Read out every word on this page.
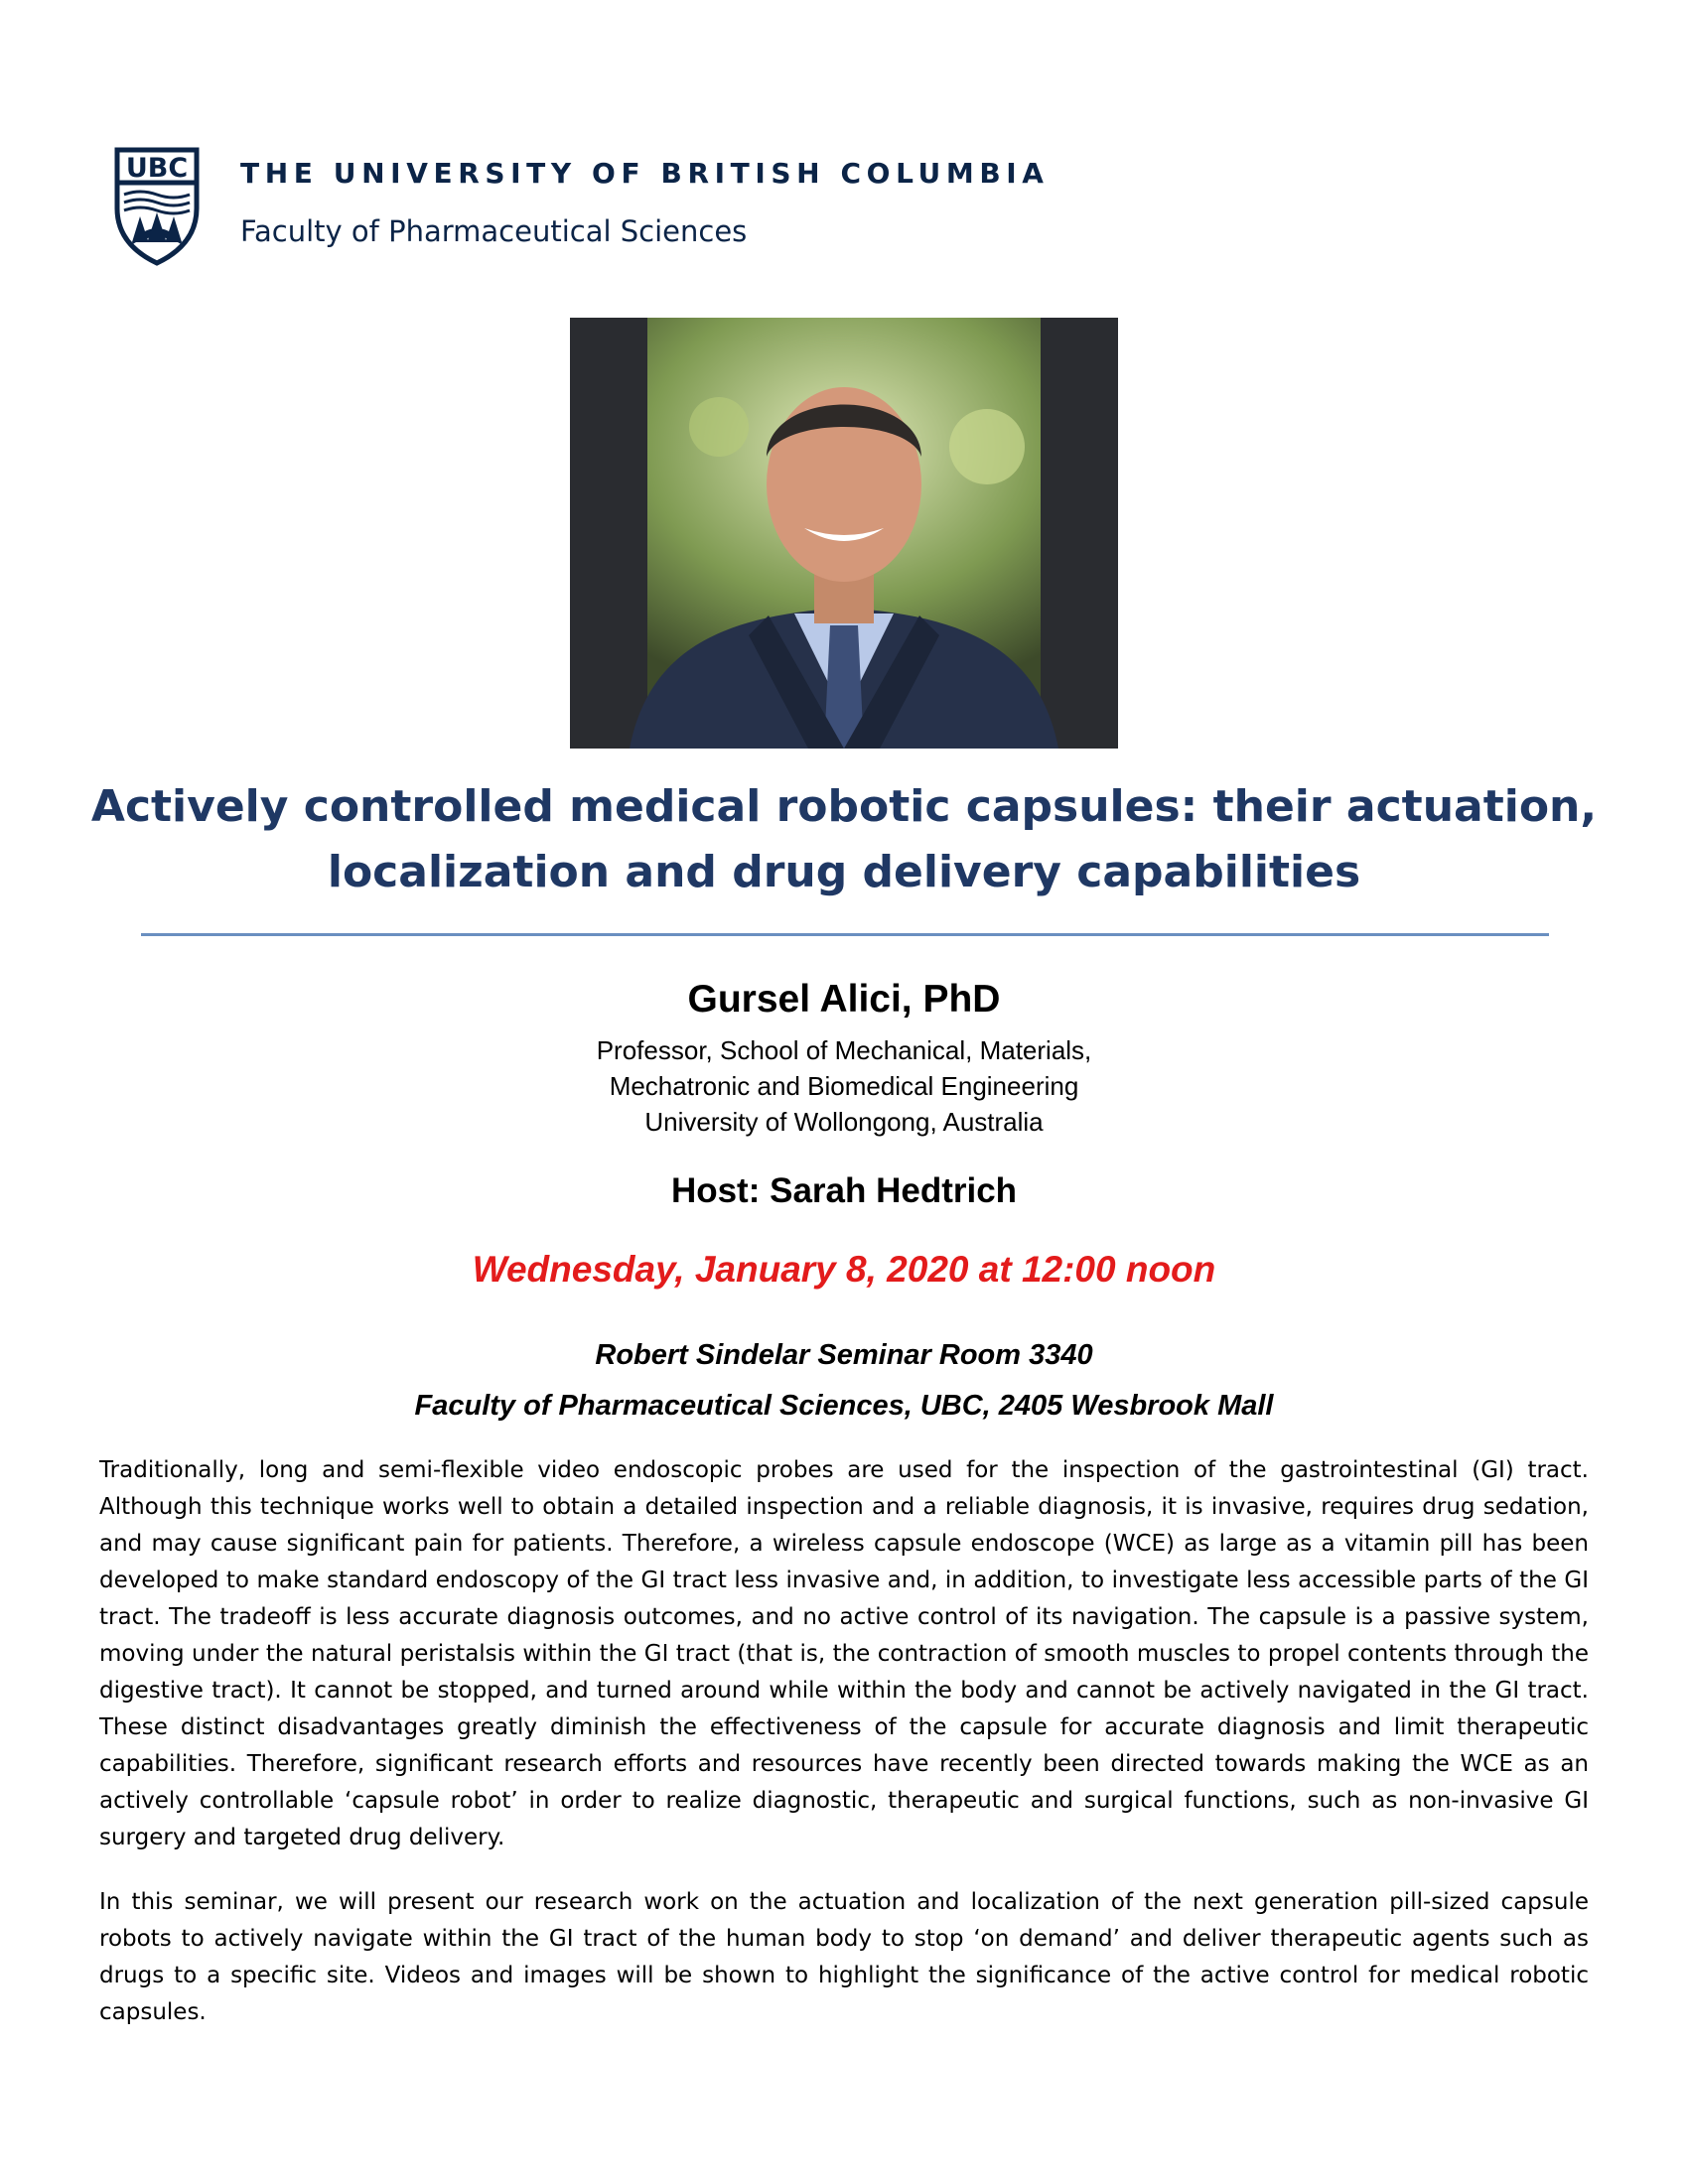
UBC THE UNIVERSITY OF BRITISH COLUMBIA
Faculty of Pharmaceutical Sciences
Actively controlled medical robotic capsules: their actuation,
localization and drug delivery capabilities
Gursel Alici, PhD
Professor, School of Mechanical, Materials,
Mechatronic and Biomedical Engineering
University of Wollongong, Australia
Host: Sarah Hedtrich
Wednesday, January 8, 2020 at 12:00 noon
Robert Sindelar Seminar Room 3340
Faculty of Pharmaceutical Sciences, UBC, 2405 Wesbrook Mall

Traditionally, long and semi-flexible video endoscopic probes are used for the inspection of the gastrointestinal (GI) tract. Although this technique works well to obtain a detailed inspection and a reliable diagnosis, it is invasive, requires drug sedation, and may cause significant pain for patients. Therefore, a wireless capsule endoscope (WCE) as large as a vitamin pill has been developed to make standard endoscopy of the GI tract less invasive and, in addition, to investigate less accessible parts of the GI tract. The tradeoff is less accurate diagnosis outcomes, and no active control of its navigation. The capsule is a passive system, moving under the natural peristalsis within the GI tract (that is, the contraction of smooth muscles to propel contents through the digestive tract). It cannot be stopped, and turned around while within the body and cannot be actively navigated in the GI tract. These distinct disadvantages greatly diminish the effectiveness of the capsule for accurate diagnosis and limit therapeutic capabilities. Therefore, significant research efforts and resources have recently been directed towards making the WCE as an actively controllable ‘capsule robot’ in order to realize diagnostic, therapeutic and surgical functions, such as non-invasive GI surgery and targeted drug delivery.

In this seminar, we will present our research work on the actuation and localization of the next generation pill-sized capsule robots to actively navigate within the GI tract of the human body to stop ‘on demand’ and deliver therapeutic agents such as drugs to a specific site. Videos and images will be shown to highlight the significance of the active control for medical robotic capsules.
